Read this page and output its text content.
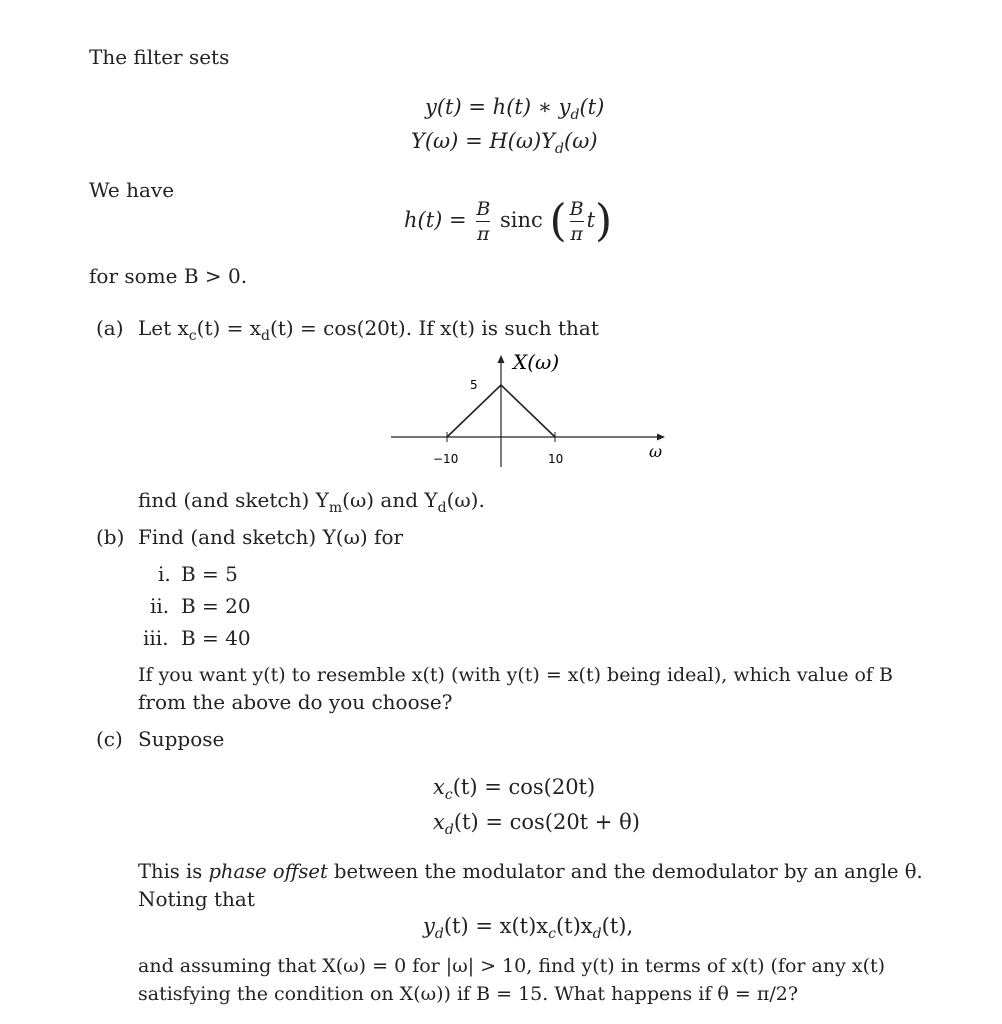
The filter sets
y(t) = h(t) ∗ $y_d(t)$
$Y(\omega) = H(\omega)Y_d(\omega)$
We have
$h(t) = \frac{B}{\pi}$ sinc ( $\frac{B}{\pi} t$)
for some B > 0.
(a) Let $x_c(t) = x_d(t) = \cos(20t)$. If x(t) is such that
5
−10	10
X(ω)
ω
find (and sketch) $Y_m(\omega)$ and $Y_d(\omega)$.
(b) Find (and sketch) Y(ω) for
i. B = 5
ii. B = 20
iii. B = 40
If you want y(t) to resemble x(t) (with y(t) = x(t) being ideal), which value of B
from the above do you choose?
(c) Suppose
$x_c(t) = \cos(20t)$
$x_d(t) = \cos(20t + \theta)$
This is phase offset between the modulator and the demodulator by an angle θ.
Noting that
$y_d(t) = x(t)x_c(t)x_d(t)$,
and assuming that X(ω) = 0 for |ω| > 10, find y(t) in terms of x(t) (for any x(t)
satisfying the condition on X(ω)) if B = 15. What happens if θ = π/2?
